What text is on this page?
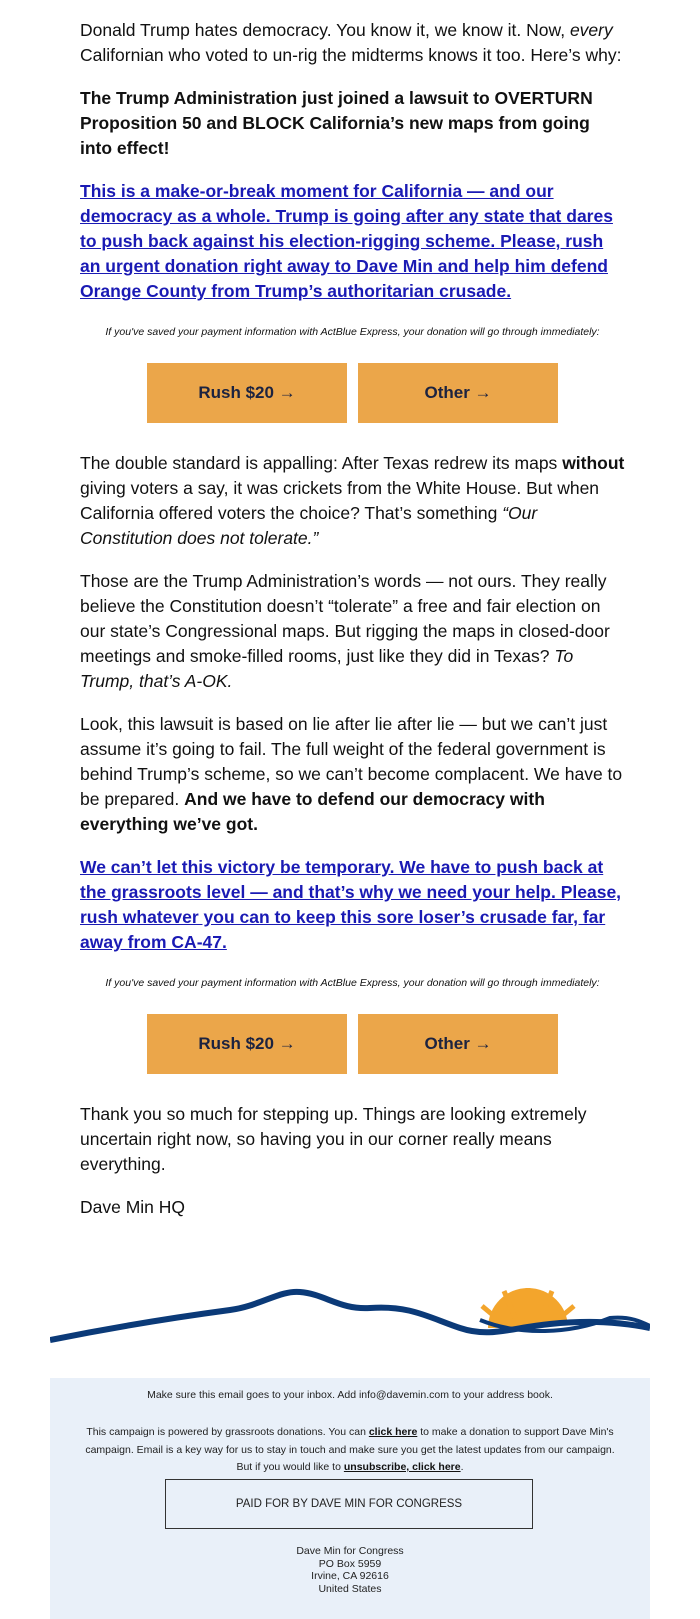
Donald Trump hates democracy. You know it, we know it. Now, every Californian who voted to un-rig the midterms knows it too. Here’s why:

The Trump Administration just joined a lawsuit to OVERTURN Proposition 50 and BLOCK California’s new maps from going into effect!

This is a make-or-break moment for California — and our democracy as a whole. Trump is going after any state that dares to push back against his election-rigging scheme. Please, rush an urgent donation right away to Dave Min and help him defend Orange County from Trump’s authoritarian crusade.
If you've saved your payment information with ActBlue Express, your donation will go through immediately:
Rush $20 →	Other →

The double standard is appalling: After Texas redrew its maps without giving voters a say, it was crickets from the White House. But when California offered voters the choice? That’s something “Our Constitution does not tolerate.”

Those are the Trump Administration’s words — not ours. They really believe the Constitution doesn’t “tolerate” a free and fair election on our state’s Congressional maps. But rigging the maps in closed-door meetings and smoke-filled rooms, just like they did in Texas? To Trump, that’s A-OK.

Look, this lawsuit is based on lie after lie after lie — but we can’t just assume it’s going to fail. The full weight of the federal government is behind Trump’s scheme, so we can’t become complacent. We have to be prepared. And we have to defend our democracy with everything we’ve got.

We can’t let this victory be temporary. We have to push back at the grassroots level — and that’s why we need your help. Please, rush whatever you can to keep this sore loser’s crusade far, far away from CA-47.
If you've saved your payment information with ActBlue Express, your donation will go through immediately:
Rush $20 →	Other →

Thank you so much for stepping up. Things are looking extremely uncertain right now, so having you in our corner really means everything.

Dave Min HQ

Make sure this email goes to your inbox. Add info@davemin.com to your address book.
This campaign is powered by grassroots donations. You can click here to make a donation to support Dave Min's campaign. Email is a key way for us to stay in touch and make sure you get the latest updates from our campaign. But if you would like to unsubscribe, click here.
PAID FOR BY DAVE MIN FOR CONGRESS
Dave Min for Congress
PO Box 5959
Irvine, CA 92616
United States
